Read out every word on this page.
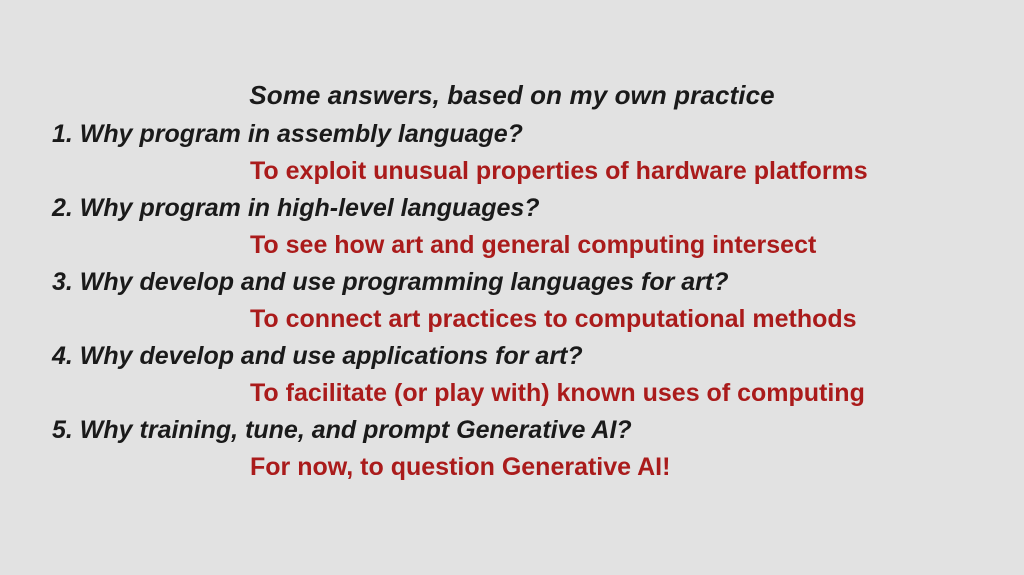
Some answers, based on my own practice
1. Why program in assembly language?
To exploit unusual properties of hardware platforms
2. Why program in high-level languages?
To see how art and general computing intersect
3. Why develop and use programming languages for art?
To connect art practices to computational methods
4. Why develop and use applications for art?
To facilitate (or play with) known uses of computing
5. Why training, tune, and prompt Generative AI?
For now, to question Generative AI!
